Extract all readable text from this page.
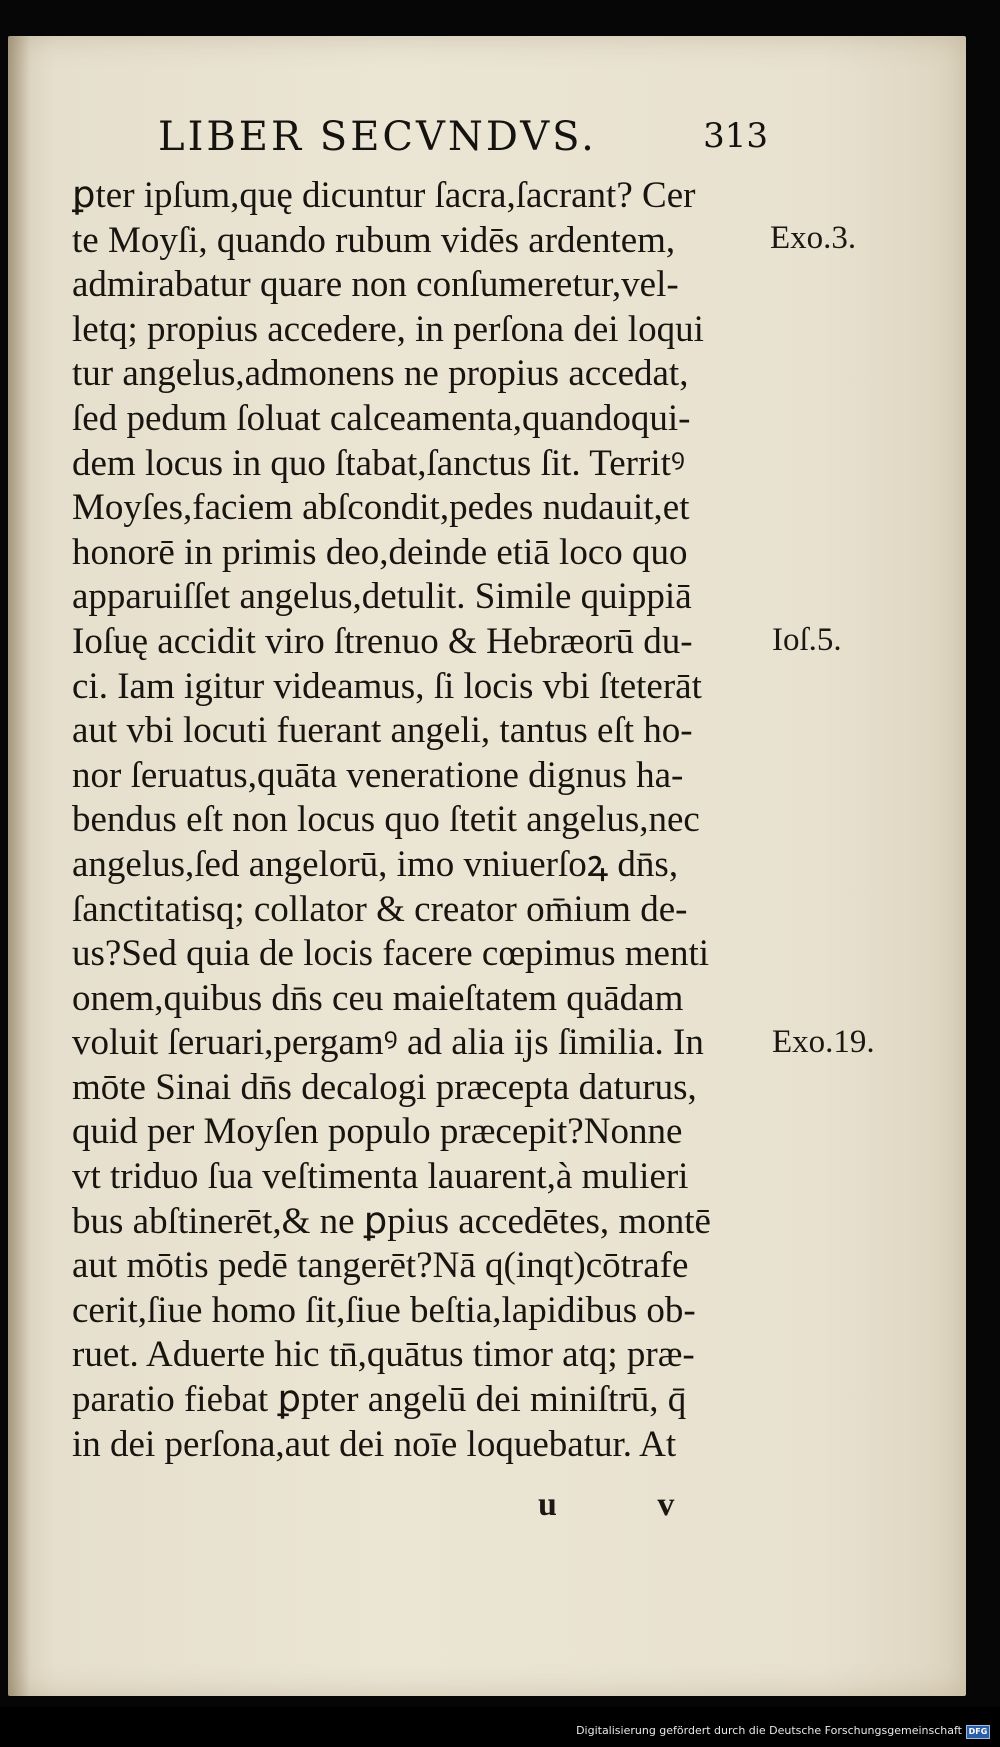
LIBER SECVNDVS.	313
ꝑter ipſum,quę dicuntur ſacra,ſacrant? Cer
te Moyſi, quando rubum vidēs ardentem,
admirabatur quare non conſumeretur,vel-
letq; propius accedere, in perſona dei loqui
tur angelus,admonens ne propius accedat,
ſed pedum ſoluat calceamenta,quandoqui-
dem locus in quo ſtabat,ſanctus ſit. Territꝰ
Moyſes,faciem abſcondit,pedes nudauit,et
honorē in primis deo,deinde etiā loco quo
apparuiſſet angelus,detulit. Simile quippiā
Ioſuę accidit viro ſtrenuo & Hebræorū du-
ci. Iam igitur videamus, ſi locis vbi ſteterāt
aut vbi locuti fuerant angeli, tantus eſt ho-
nor ſeruatus,quāta veneratione dignus ha-
bendus eſt non locus quo ſtetit angelus,nec
angelus,ſed angelorū, imo vniuerſoꝝ dn̄s,
ſanctitatisq; collator & creator om̄ium de-
us?Sed quia de locis facere cœpimus menti
onem,quibus dn̄s ceu maieſtatem quādam
voluit ſeruari,pergamꝰ ad alia ĳs ſimilia. In
mōte Sinai dn̄s decalogi præcepta daturus,
quid per Moyſen populo præcepit?Nonne
vt triduo ſua veſtimenta lauarent,à mulieri
bus abſtinerēt,& ne ꝑpius accedētes, montē
aut mōtis pedē tangerēt?Nā q(inqt)cōtrafe
cerit,ſiue homo ſit,ſiue beſtia,lapidibus ob-
ruet. Aduerte hic tn̄,quātus timor atq; præ-
paratio fiebat ꝑpter angelū dei miniſtrū, q̄
in dei perſona,aut dei noīe loquebatur. At
Exo.3.
Ioſ.5.
Exo.19.
u v
Digitalisierung gefördert durch die Deutsche Forschungsgemeinschaft DFG
